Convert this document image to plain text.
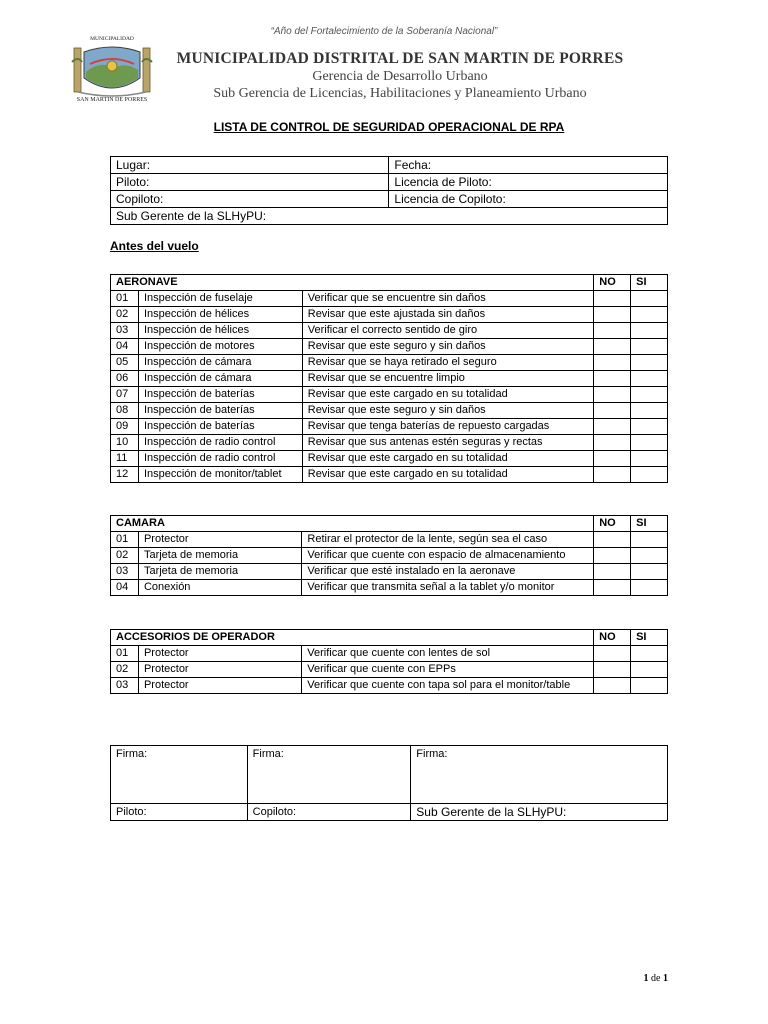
“Año del Fortalecimiento de la Soberanía Nacional”
MUNICIPALIDAD
SAN MARTIN DE PORRES
MUNICIPALIDAD DISTRITAL DE SAN MARTIN DE PORRES
Gerencia de Desarrollo Urbano
Sub Gerencia de Licencias, Habilitaciones y Planeamiento Urbano
LISTA DE CONTROL DE SEGURIDAD OPERACIONAL DE RPA
Lugar:	Fecha:
Piloto:	Licencia de Piloto:
Copiloto:	Licencia de Copiloto:
Sub Gerente de la SLHyPU:	
Antes del vuelo
AERONAVE			NO	SI
01	Inspección de fuselaje	Verificar que se encuentre sin daños		
02	Inspección de hélices	Revisar que este ajustada sin daños		
03	Inspección de hélices	Verificar el correcto sentido de giro		
04	Inspección de motores	Revisar que este seguro y sin daños		
05	Inspección de cámara	Revisar que se haya retirado el seguro		
06	Inspección de cámara	Revisar que se encuentre limpio		
07	Inspección de baterías	Revisar que este cargado en su totalidad		
08	Inspección de baterías	Revisar que este seguro y sin daños		
09	Inspección de baterías	Revisar que tenga baterías de repuesto cargadas		
10	Inspección de radio control	Revisar que sus antenas estén seguras y rectas		
11	Inspección de radio control	Revisar que este cargado en su totalidad		
12	Inspección de monitor/tablet	Revisar que este cargado en su totalidad		
CAMARA			NO	SI
01	Protector	Retirar el protector de la lente, según sea el caso		
02	Tarjeta de memoria	Verificar que cuente con espacio de almacenamiento		
03	Tarjeta de memoria	Verificar que esté instalado en la aeronave		
04	Conexión	Verificar que transmita señal a la tablet y/o monitor		
ACCESORIOS DE OPERADOR			NO	SI
01	Protector	Verificar que cuente con lentes de sol		
02	Protector	Verificar que cuente con EPPs		
03	Protector	Verificar que cuente con tapa sol para el monitor/table		
Firma:	Firma:	Firma:
Piloto:	Copiloto:	Sub Gerente de la SLHyPU:
1 de 1
